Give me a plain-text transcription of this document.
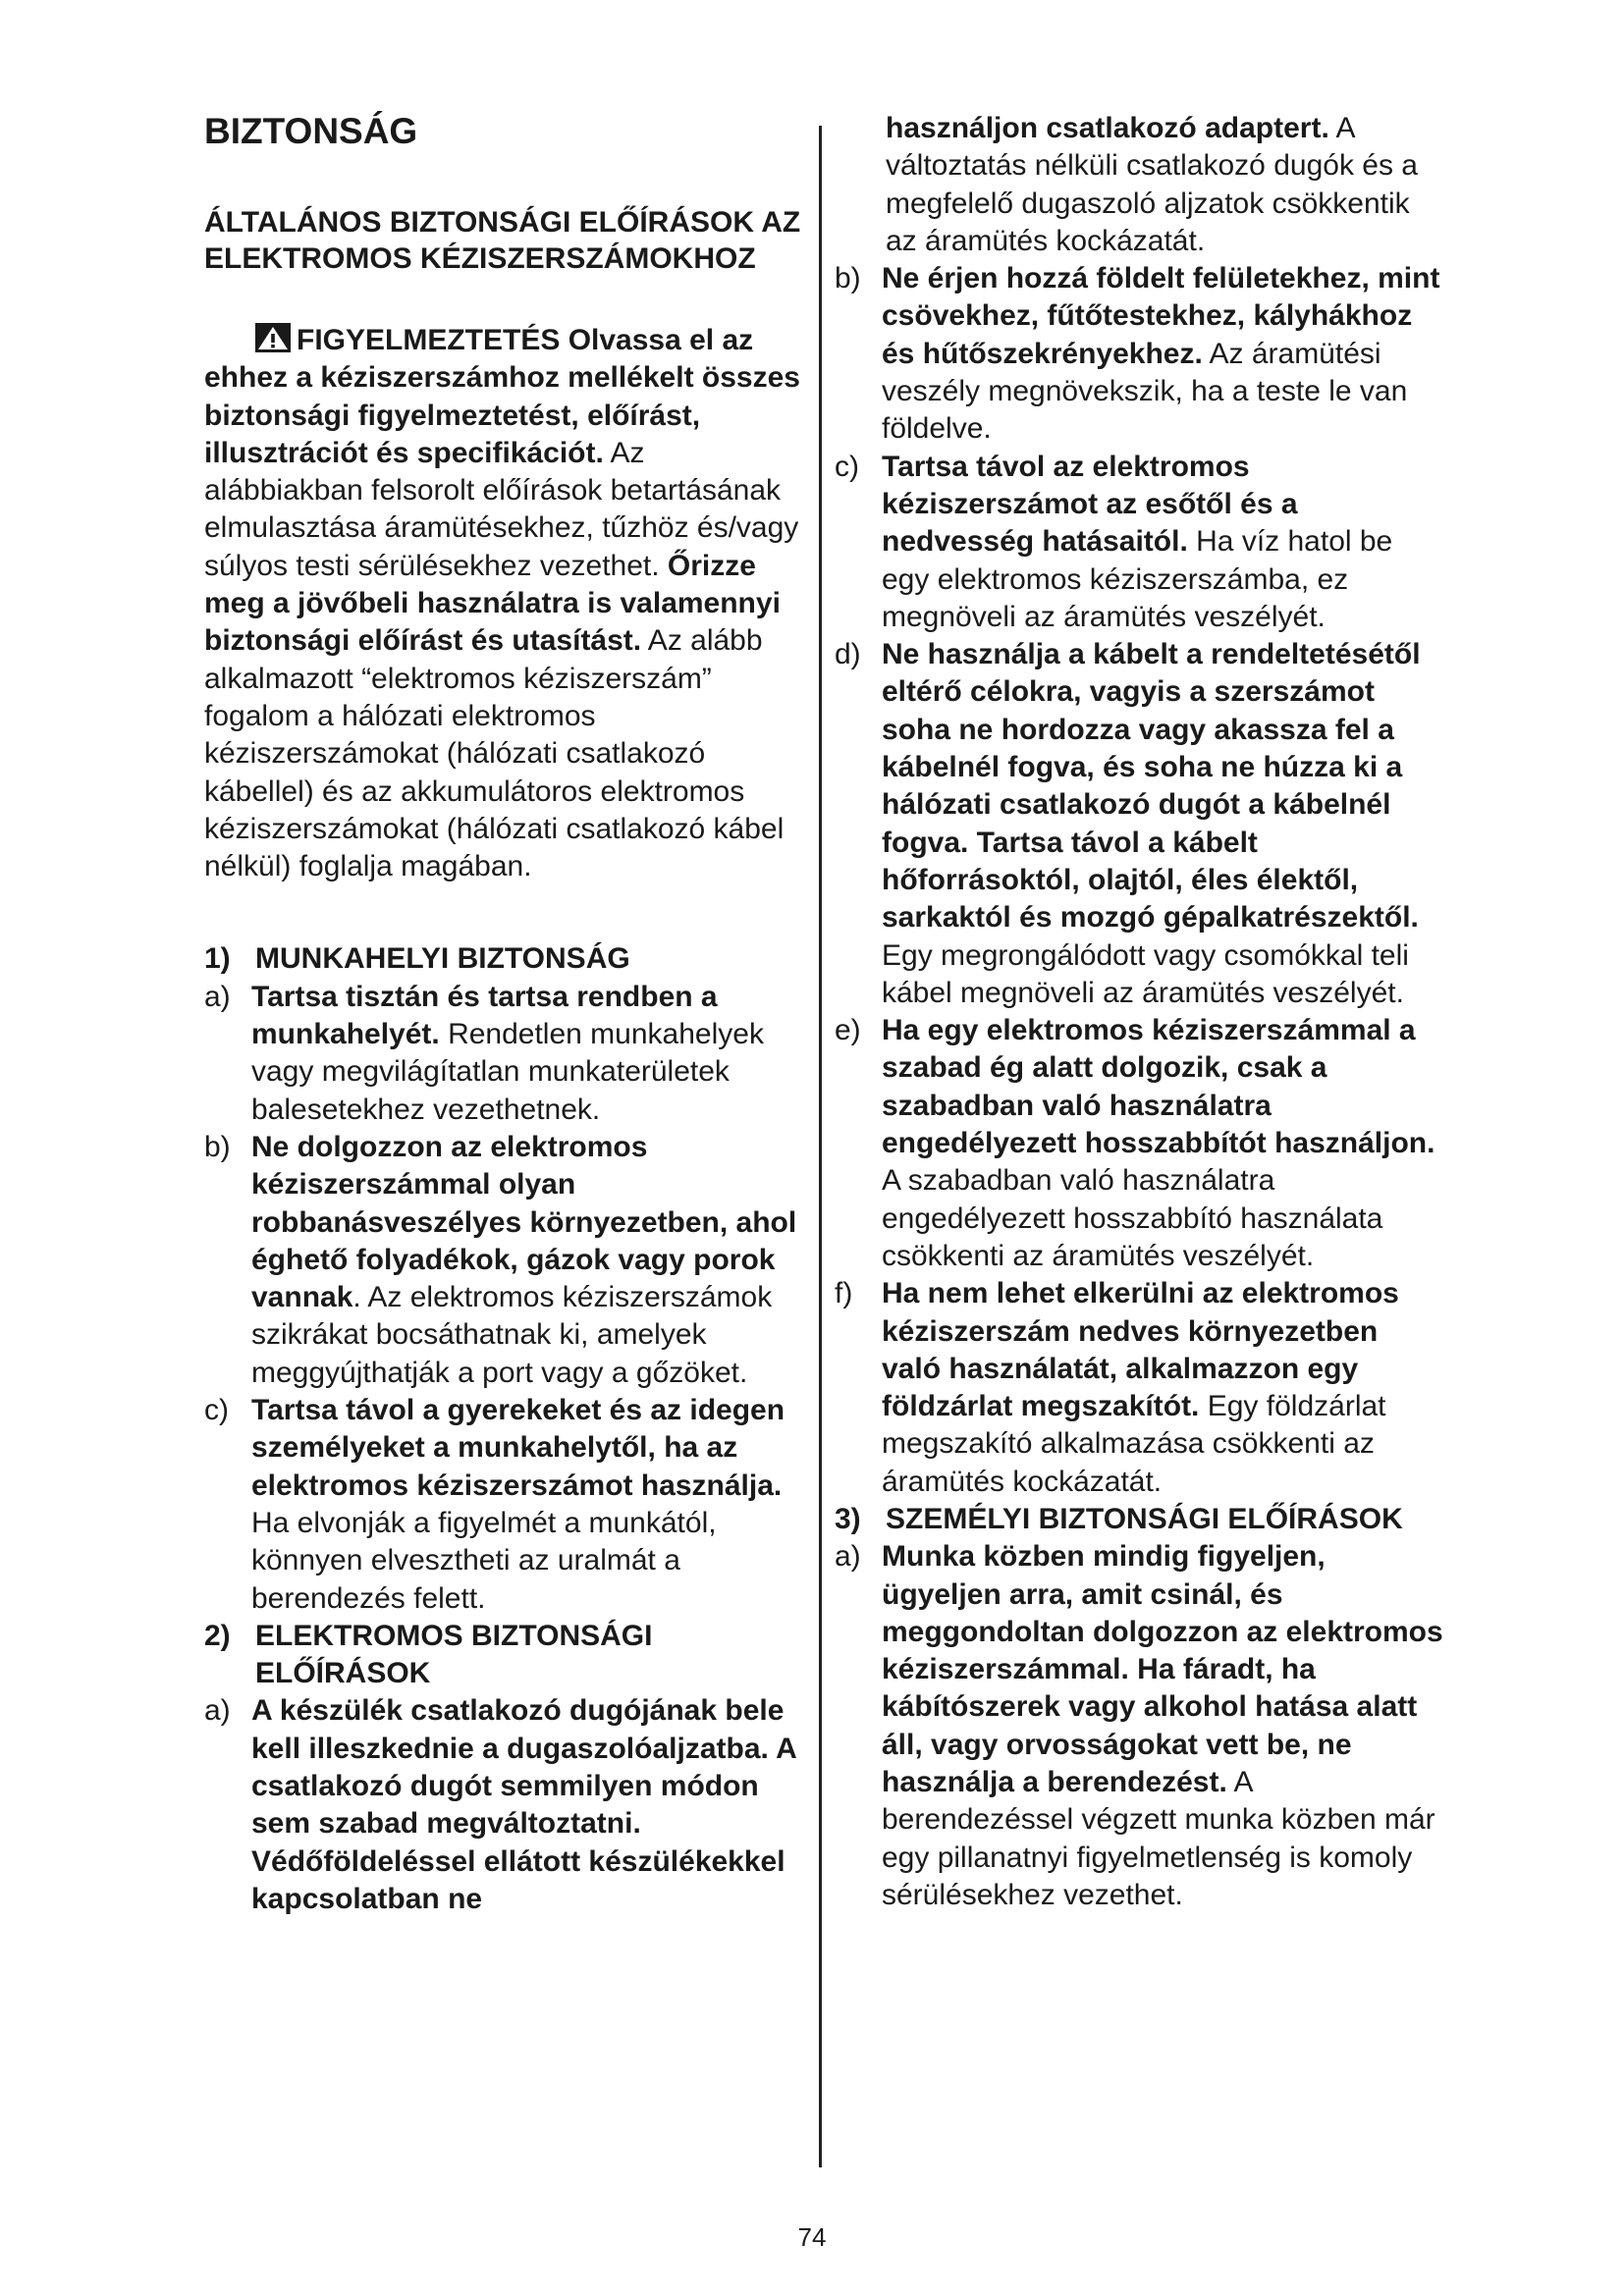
BIZTONSÁG
ÁLTALÁNOS BIZTONSÁGI ELŐÍRÁSOK AZ ELEKTROMOS KÉZISZERSZÁMOKHOZ

FIGYELMEZTETÉS Olvassa el az ehhez a kéziszerszámhoz mellékelt összes biztonsági figyelmeztetést, előírást, illusztrációt és specifikációt. Az alábbiakban felsorolt előírások betartásának elmulasztása áramütésekhez, tűzhöz és/vagy súlyos testi sérülésekhez vezethet. Őrizze meg a jövőbeli használatra is valamennyi biztonsági előírást és utasítást. Az alább alkalmazott “elektromos kéziszerszám” fogalom a hálózati elektromos kéziszerszámokat (hálózati csatlakozó kábellel) és az akkumulátoros elektromos kéziszerszámokat (hálózati csatlakozó kábel nélkül) foglalja magában.

1) MUNKAHELYI BIZTONSÁG

a) Tartsa tisztán és tartsa rendben a munkahelyét. Rendetlen munkahelyek vagy megvilágítatlan munkaterületek balesetekhez vezethetnek.

b) Ne dolgozzon az elektromos kéziszerszámmal olyan robbanásveszélyes környezetben, ahol éghető folyadékok, gázok vagy porok vannak. Az elektromos kéziszerszámok szikrákat bocsáthatnak ki, amelyek meggyújthatják a port vagy a gőzöket.

c) Tartsa távol a gyerekeket és az idegen személyeket a munkahelytől, ha az elektromos kéziszerszámot használja. Ha elvonják a figyelmét a munkától, könnyen elvesztheti az uralmát a berendezés felett.

2) ELEKTROMOS BIZTONSÁGI ELŐÍRÁSOK

a) A készülék csatlakozó dugójának bele kell illeszkednie a dugaszolóaljzatba. A csatlakozó dugót semmilyen módon sem szabad megváltoztatni. Védőföldeléssel ellátott készülékekkel kapcsolatban ne

használjon csatlakozó adaptert. A változtatás nélküli csatlakozó dugók és a megfelelő dugaszoló aljzatok csökkentik az áramütés kockázatát.

b) Ne érjen hozzá földelt felületekhez, mint csövekhez, fűtőtestekhez, kályhákhoz és hűtőszekrényekhez. Az áramütési veszély megnövekszik, ha a teste le van földelve.

c) Tartsa távol az elektromos kéziszerszámot az esőtől és a nedvesség hatásaitól. Ha víz hatol be egy elektromos kéziszerszámba, ez megnöveli az áramütés veszélyét.

d) Ne használja a kábelt a rendeltetésétől eltérő célokra, vagyis a szerszámot soha ne hordozza vagy akassza fel a kábelnél fogva, és soha ne húzza ki a hálózati csatlakozó dugót a kábelnél fogva. Tartsa távol a kábelt hőforrásoktól, olajtól, éles élektől, sarkaktól és mozgó gépalkatrészektől. Egy megrongálódott vagy csomókkal teli kábel megnöveli az áramütés veszélyét.

e) Ha egy elektromos kéziszerszámmal a szabad ég alatt dolgozik, csak a szabadban való használatra engedélyezett hosszabbítót használjon. A szabadban való használatra engedélyezett hosszabbító használata csökkenti az áramütés veszélyét.

f) Ha nem lehet elkerülni az elektromos kéziszerszám nedves környezetben való használatát, alkalmazzon egy földzárlat megszakítót. Egy földzárlat megszakító alkalmazása csökkenti az áramütés kockázatát.

3) SZEMÉLYI BIZTONSÁGI ELŐÍRÁSOK

a) Munka közben mindig figyeljen, ügyeljen arra, amit csinál, és meggondoltan dolgozzon az elektromos kéziszerszámmal. Ha fáradt, ha kábítószerek vagy alkohol hatása alatt áll, vagy orvosságokat vett be, ne használja a berendezést. A berendezéssel végzett munka közben már egy pillanatnyi figyelmetlenség is komoly sérülésekhez vezethet.

74
